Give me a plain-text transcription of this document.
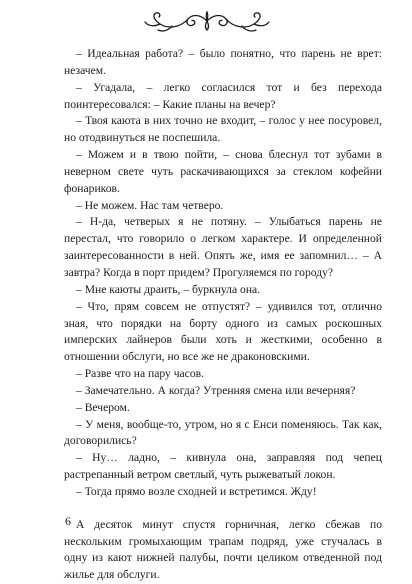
– Идеальная работа? – было понятно, что парень не врет: незачем.

– Угадала, – легко согласился тот и без перехода поинтересовался: – Какие планы на вечер?

– Твоя каюта в них точно не входит, – голос у нее посуровел, но отодвинуться не поспешила.

– Можем и в твою пойти, – снова блеснул тот зубами в неверном свете чуть раскачивающихся за стеклом кофейни фонариков.

– Не можем. Нас там четверо.

– Н-да, четверых я не потяну. – Улыбаться парень не перестал, что говорило о легком характере. И определенной заинтересованности в ней. Опять же, имя ее запомнил… – А завтра? Когда в порт придем? Прогуляемся по городу?

– Мне каюты драить, – буркнула она.

– Что, прям совсем не отпустят? – удивился тот, отлично зная, что порядки на борту одного из самых роскошных имперских лайнеров были хоть и жесткими, особенно в отношении обслуги, но все же не драконовскими.

– Разве что на пару часов.

– Замечательно. А когда? Утренняя смена или вечерняя?

– Вечером.

– У меня, вообще-то, утром, но я с Енси поменяюсь. Так как, договорились?

– Ну… ладно, – кивнула она, заправляя под чепец растрепанный ветром светлый, чуть рыжеватый локон.

– Тогда прямо возле сходней и встретимся. Жду!

А десяток минут спустя горничная, легко сбежав по нескольким громыхающим трапам подряд, уже стучалась в одну из кают нижней палубы, почти целиком отведенной под жилье для обслуги.

6
